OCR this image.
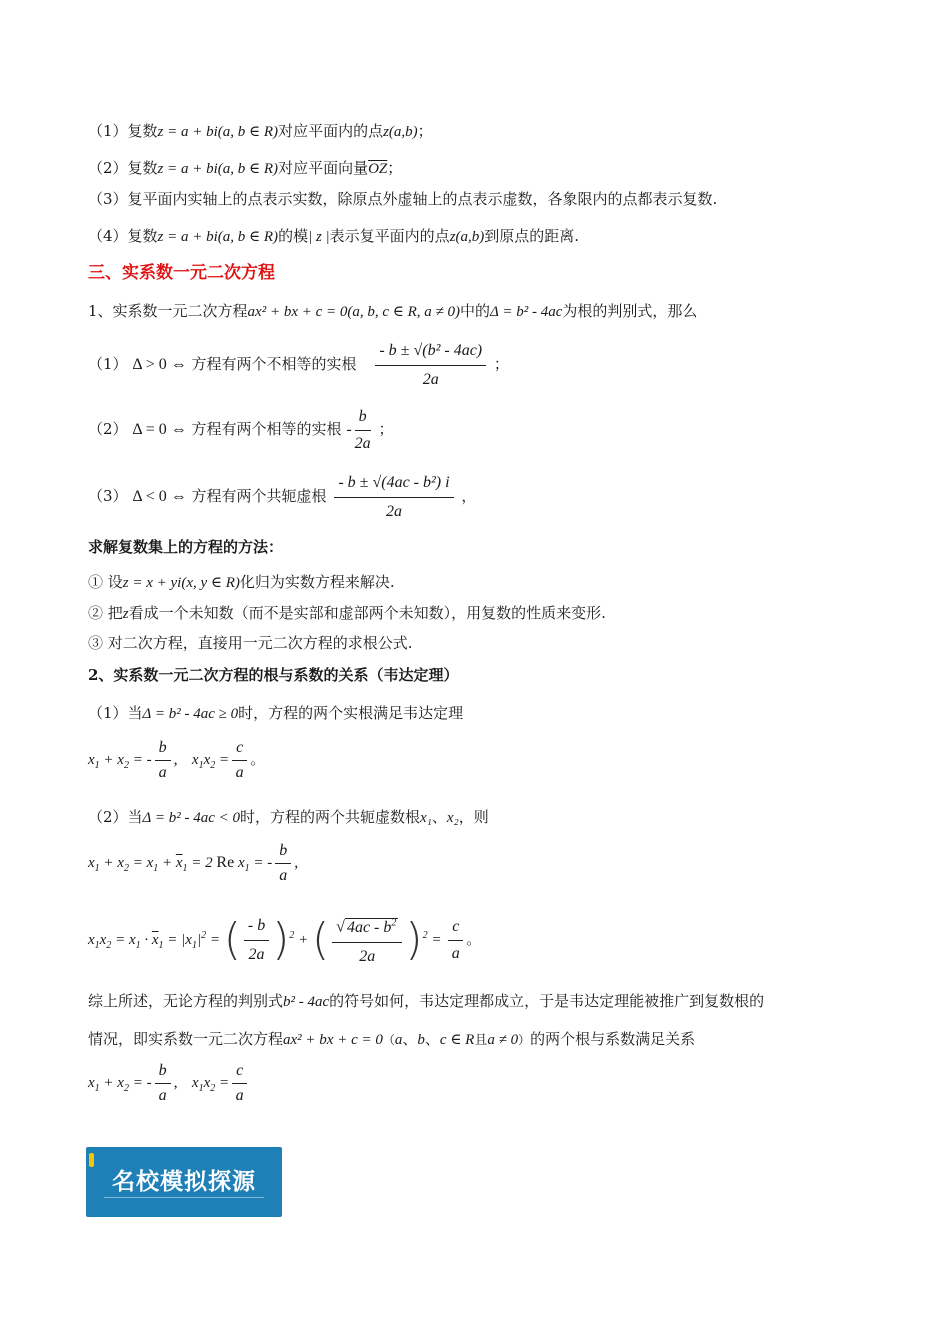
（1）复数z = a + bi(a, b ∈ R)对应平面内的点z(a,b)；
（2）复数z = a + bi(a, b ∈ R)对应平面向量$\overline{OZ}$；
（3）复平面内实轴上的点表示实数，除原点外虚轴上的点表示虚数，各象限内的点都表示复数.
（4）复数z = a + bi(a, b ∈ R)的模| z |表示复平面内的点z(a,b)到原点的距离.
三、实系数一元二次方程
1、实系数一元二次方程ax² + bx + c = 0(a, b, c ∈ R, a ≠ 0)中的Δ = b² - 4ac为根的判别式，那么
（1） Δ > 0 ⇔ 方程有两个不相等的实根 $\frac{\text{- b ± √(b² - 4ac)}}{2a}$ ；
（2） Δ = 0 ⇔ 方程有两个相等的实根 - $\frac{b}{2a}$ ；
（3） Δ < 0 ⇔ 方程有两个共轭虚根 $\frac{\text{- b ± √(4ac - b²) i}}{2a}$ ，
求解复数集上的方程的方法：
① 设z = x + yi(x, y ∈ R)化归为实数方程来解决.
② 把z看成一个未知数（而不是实部和虚部两个未知数），用复数的性质来变形.
③ 对二次方程，直接用一元二次方程的求根公式.
2、实系数一元二次方程的根与系数的关系（韦达定理）
（1）当Δ = b² - 4ac ≥ 0时，方程的两个实根满足韦达定理
$x_1 + x_2$ = - $\frac{b}{a}$ , $x_1x_2 = \frac{c}{a}$ 。
（2）当Δ = b² - 4ac < 0时，方程的两个共轭虚数根x₁、x₂，则
$x_1 + x_2 = x_1 + \overline{x}_1 = 2$ Re $x_1$ = - $\frac{b}{a}$ ,
$x_1x_2 = x_1 \cdot \overline{x}_1 = |x_1|^2$ = ( $\frac{- b}{2a} )^2$ + ( $\frac{√ 4ac - b^2}{2a} )^2 = \frac{c}{a}$ 。
综上所述，无论方程的判别式b² - 4ac的符号如何，韦达定理都成立，于是韦达定理能被推广到复数根的
情况，即实系数一元二次方程ax² + bx + c = 0（a、b、c ∈ R且a ≠ 0）的两个根与系数满足关系
$x_1 + x_2$ = - $\frac{b}{a}$ , $x_1x_2 = \frac{c}{a}$
名校模拟探源
